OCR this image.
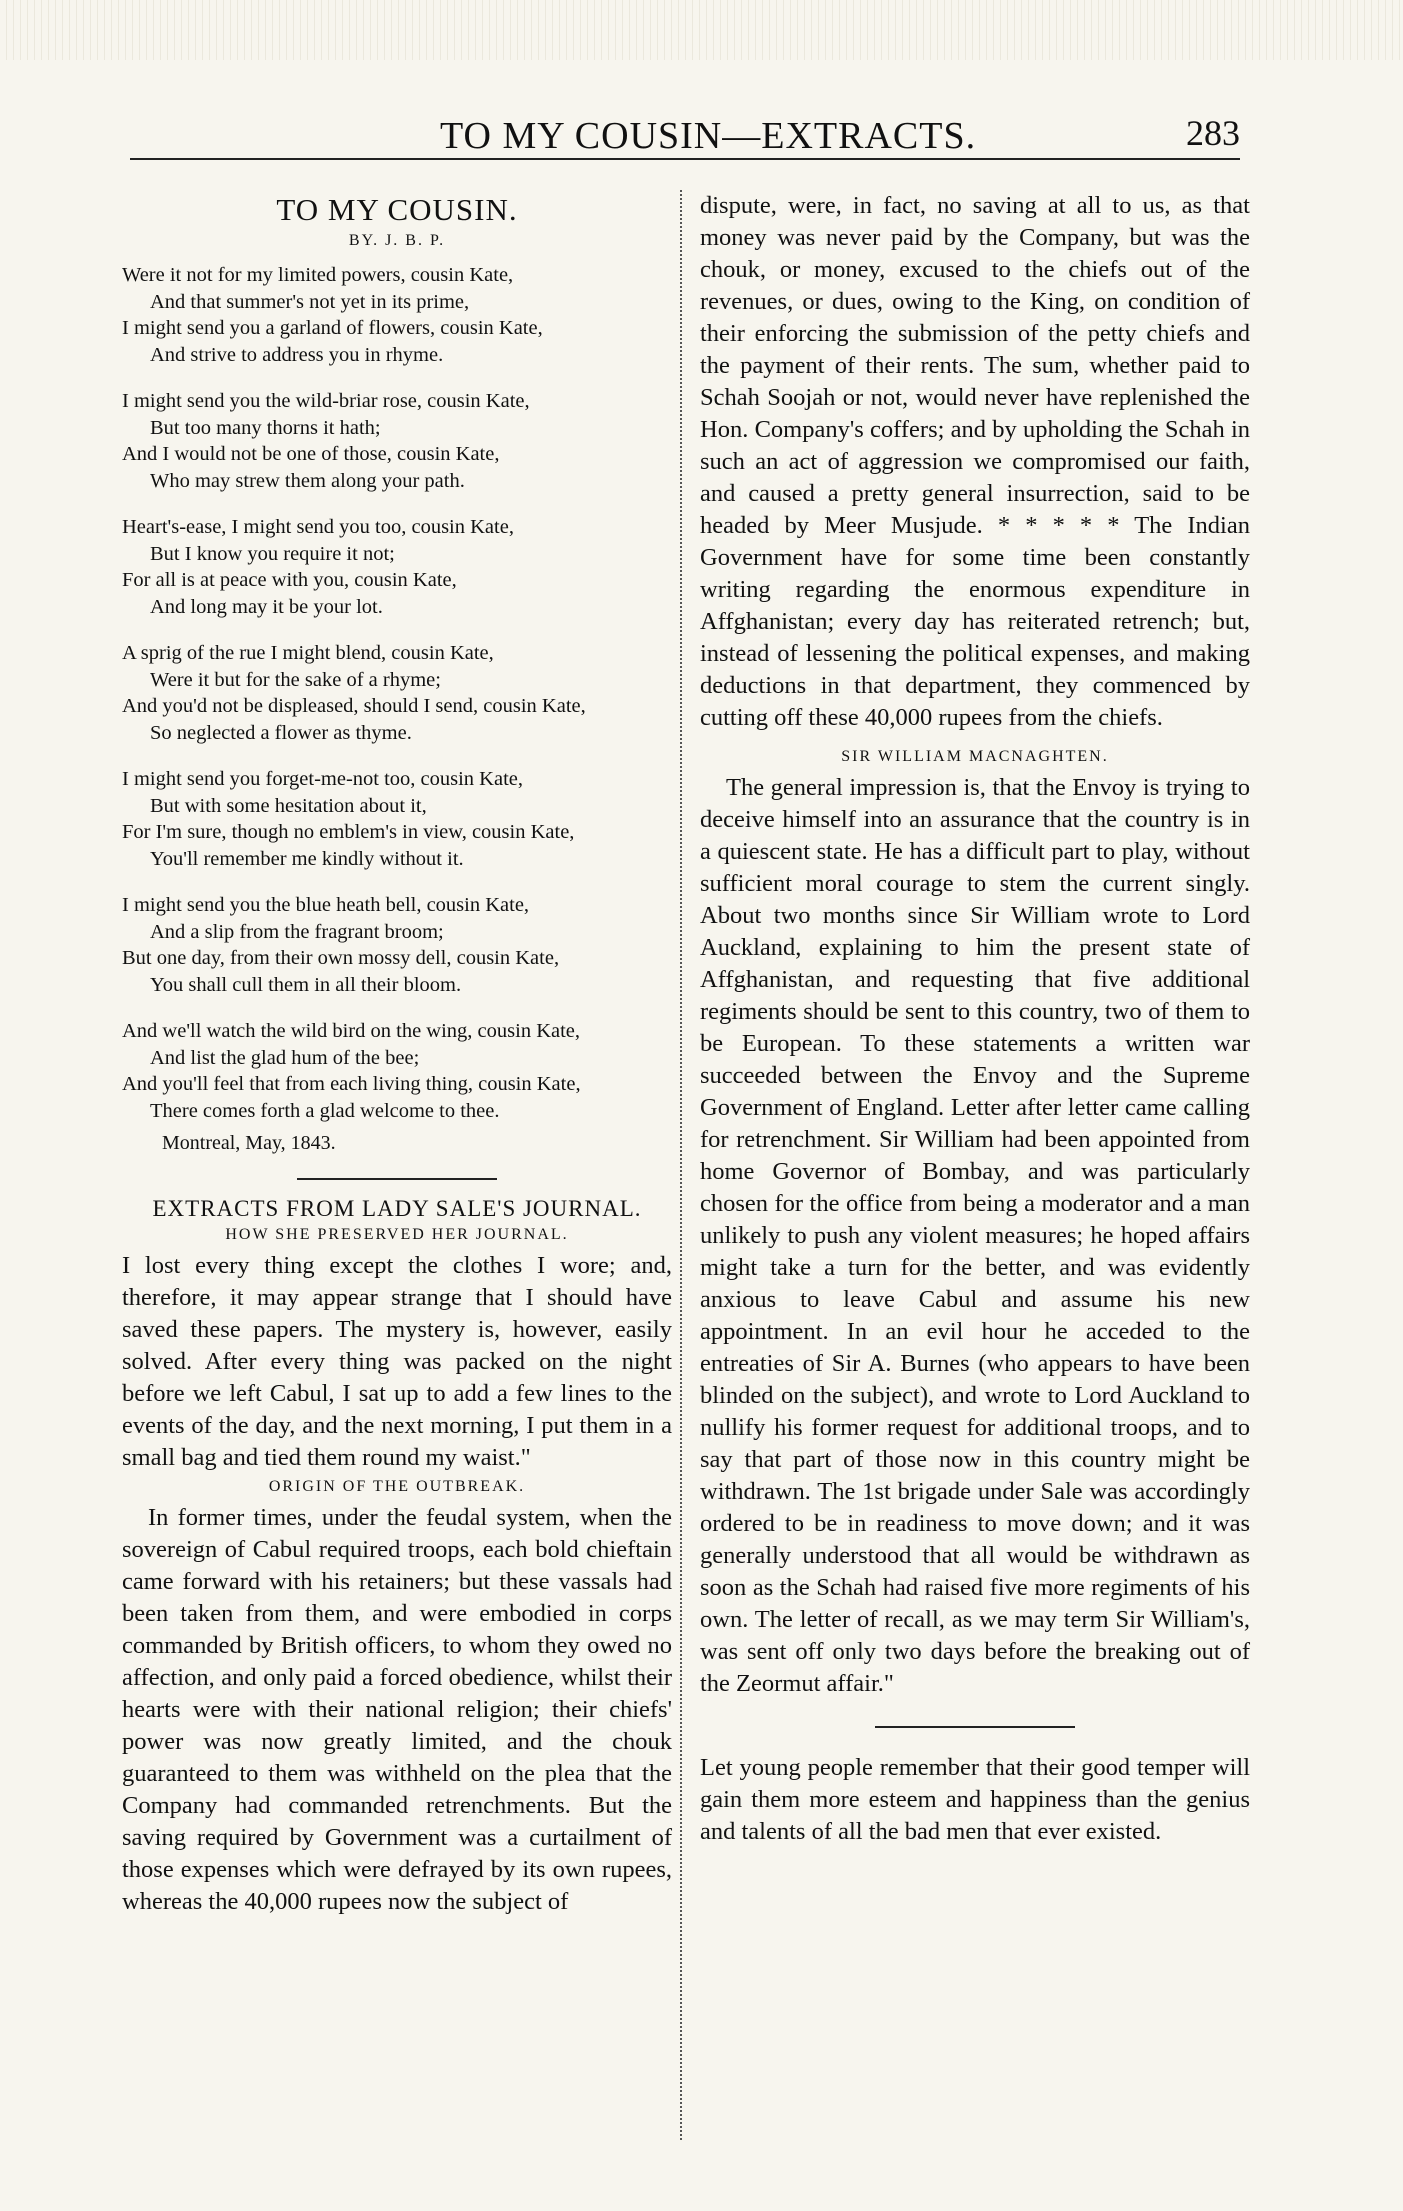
TO MY COUSIN—EXTRACTS.	283
TO MY COUSIN.
BY. J. B. P.
Were it not for my limited powers, cousin Kate,
And that summer's not yet in its prime,
I might send you a garland of flowers, cousin Kate,
And strive to address you in rhyme.
I might send you the wild-briar rose, cousin Kate,
But too many thorns it hath;
And I would not be one of those, cousin Kate,
Who may strew them along your path.
Heart's-ease, I might send you too, cousin Kate,
But I know you require it not;
For all is at peace with you, cousin Kate,
And long may it be your lot.
A sprig of the rue I might blend, cousin Kate,
Were it but for the sake of a rhyme;
And you'd not be displeased, should I send, cousin Kate,
So neglected a flower as thyme.
I might send you forget-me-not too, cousin Kate,
But with some hesitation about it,
For I'm sure, though no emblem's in view, cousin Kate,
You'll remember me kindly without it.
I might send you the blue heath bell, cousin Kate,
And a slip from the fragrant broom;
But one day, from their own mossy dell, cousin Kate,
You shall cull them in all their bloom.
And we'll watch the wild bird on the wing, cousin Kate,
And list the glad hum of the bee;
And you'll feel that from each living thing, cousin Kate,
There comes forth a glad welcome to thee.
Montreal, May, 1843.
EXTRACTS FROM LADY SALE'S JOURNAL.
HOW SHE PRESERVED HER JOURNAL.

I lost every thing except the clothes I wore; and, therefore, it may appear strange that I should have saved these papers. The mystery is, however, easily solved. After every thing was packed on the night before we left Cabul, I sat up to add a few lines to the events of the day, and the next morning, I put them in a small bag and tied them round my waist."

ORIGIN OF THE OUTBREAK.

In former times, under the feudal system, when the sovereign of Cabul required troops, each bold chieftain came forward with his retainers; but these vassals had been taken from them, and were embodied in corps commanded by British officers, to whom they owed no affection, and only paid a forced obedience, whilst their hearts were with their national religion; their chiefs' power was now greatly limited, and the chouk guaranteed to them was withheld on the plea that the Company had commanded retrenchments. But the saving required by Government was a curtailment of those expenses which were defrayed by its own rupees, whereas the 40,000 rupees now the subject of

dispute, were, in fact, no saving at all to us, as that money was never paid by the Company, but was the chouk, or money, excused to the chiefs out of the revenues, or dues, owing to the King, on condition of their enforcing the submission of the petty chiefs and the payment of their rents. The sum, whether paid to Schah Soojah or not, would never have replenished the Hon. Company's coffers; and by upholding the Schah in such an act of aggression we compromised our faith, and caused a pretty general insurrection, said to be headed by Meer Musjude. * * * * * The Indian Government have for some time been constantly writing regarding the enormous expenditure in Affghanistan; every day has reiterated retrench; but, instead of lessening the political expenses, and making deductions in that department, they commenced by cutting off these 40,000 rupees from the chiefs.

SIR WILLIAM MACNAGHTEN.

The general impression is, that the Envoy is trying to deceive himself into an assurance that the country is in a quiescent state. He has a difficult part to play, without sufficient moral courage to stem the current singly. About two months since Sir William wrote to Lord Auckland, explaining to him the present state of Affghanistan, and requesting that five additional regiments should be sent to this country, two of them to be European. To these statements a written war succeeded between the Envoy and the Supreme Government of England. Letter after letter came calling for retrenchment. Sir William had been appointed from home Governor of Bombay, and was particularly chosen for the office from being a moderator and a man unlikely to push any violent measures; he hoped affairs might take a turn for the better, and was evidently anxious to leave Cabul and assume his new appointment. In an evil hour he acceded to the entreaties of Sir A. Burnes (who appears to have been blinded on the subject), and wrote to Lord Auckland to nullify his former request for additional troops, and to say that part of those now in this country might be withdrawn. The 1st brigade under Sale was accordingly ordered to be in readiness to move down; and it was generally understood that all would be withdrawn as soon as the Schah had raised five more regiments of his own. The letter of recall, as we may term Sir William's, was sent off only two days before the breaking out of the Zeormut affair."

Let young people remember that their good temper will gain them more esteem and happiness than the genius and talents of all the bad men that ever existed.
